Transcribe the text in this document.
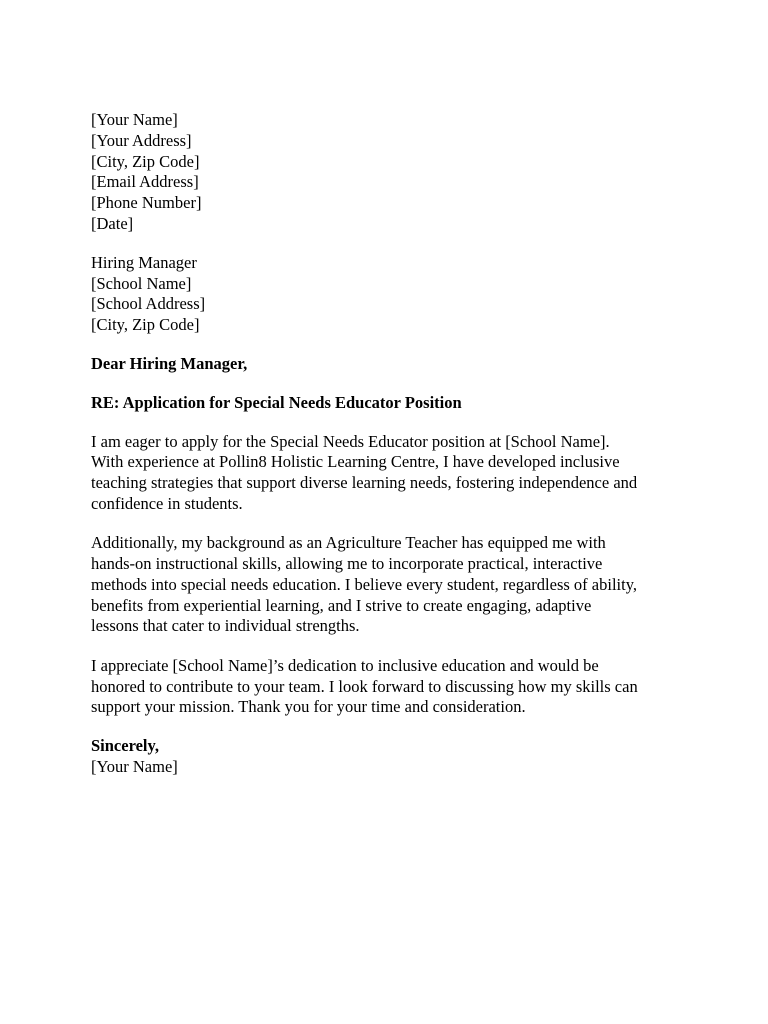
[Your Name]
[Your Address]
[City, Zip Code]
[Email Address]
[Phone Number]
[Date]
Hiring Manager
[School Name]
[School Address]
[City, Zip Code]
Dear Hiring Manager,
RE: Application for Special Needs Educator Position
I am eager to apply for the Special Needs Educator position at [School Name].
With experience at Pollin8 Holistic Learning Centre, I have developed inclusive
teaching strategies that support diverse learning needs, fostering independence and
confidence in students.
Additionally, my background as an Agriculture Teacher has equipped me with
hands-on instructional skills, allowing me to incorporate practical, interactive
methods into special needs education. I believe every student, regardless of ability,
benefits from experiential learning, and I strive to create engaging, adaptive
lessons that cater to individual strengths.
I appreciate [School Name]’s dedication to inclusive education and would be
honored to contribute to your team. I look forward to discussing how my skills can
support your mission. Thank you for your time and consideration.
Sincerely,
[Your Name]
